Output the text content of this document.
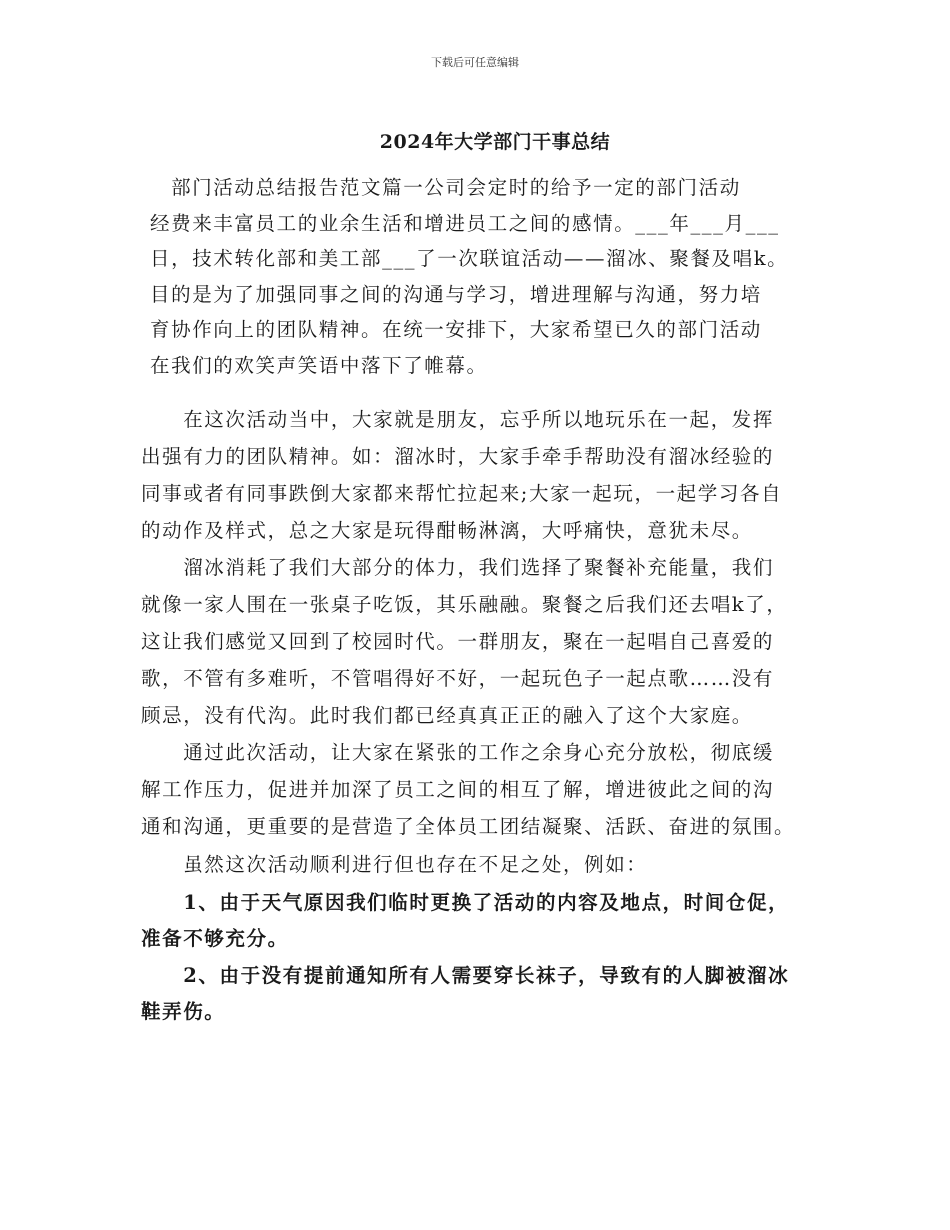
下载后可任意编辑
2024年大学部门干事总结
　部门活动总结报告范文篇一公司会定时的给予一定的部门活动
经费来丰富员工的业余生活和增进员工之间的感情。___年___月___
日，技术转化部和美工部___了一次联谊活动——溜冰、聚餐及唱k。
目的是为了加强同事之间的沟通与学习，增进理解与沟通，努力培
育协作向上的团队精神。在统一安排下，大家希望已久的部门活动
在我们的欢笑声笑语中落下了帷幕。
　　在这次活动当中，大家就是朋友，忘乎所以地玩乐在一起，发挥
出强有力的团队精神。如：溜冰时，大家手牵手帮助没有溜冰经验的
同事或者有同事跌倒大家都来帮忙拉起来;大家一起玩，一起学习各自
的动作及样式，总之大家是玩得酣畅淋漓，大呼痛快，意犹未尽。
　　溜冰消耗了我们大部分的体力，我们选择了聚餐补充能量，我们
就像一家人围在一张桌子吃饭，其乐融融。聚餐之后我们还去唱k了，
这让我们感觉又回到了校园时代。一群朋友，聚在一起唱自己喜爱的
歌，不管有多难听，不管唱得好不好，一起玩色子一起点歌……没有
顾忌，没有代沟。此时我们都已经真真正正的融入了这个大家庭。
　　通过此次活动，让大家在紧张的工作之余身心充分放松，彻底缓
解工作压力，促进并加深了员工之间的相互了解，增进彼此之间的沟
通和沟通，更重要的是营造了全体员工团结凝聚、活跃、奋进的氛围。
　　虽然这次活动顺利进行但也存在不足之处，例如：
　　1、由于天气原因我们临时更换了活动的内容及地点，时间仓促，
准备不够充分。
　　2、由于没有提前通知所有人需要穿长袜子，导致有的人脚被溜冰
鞋弄伤。
